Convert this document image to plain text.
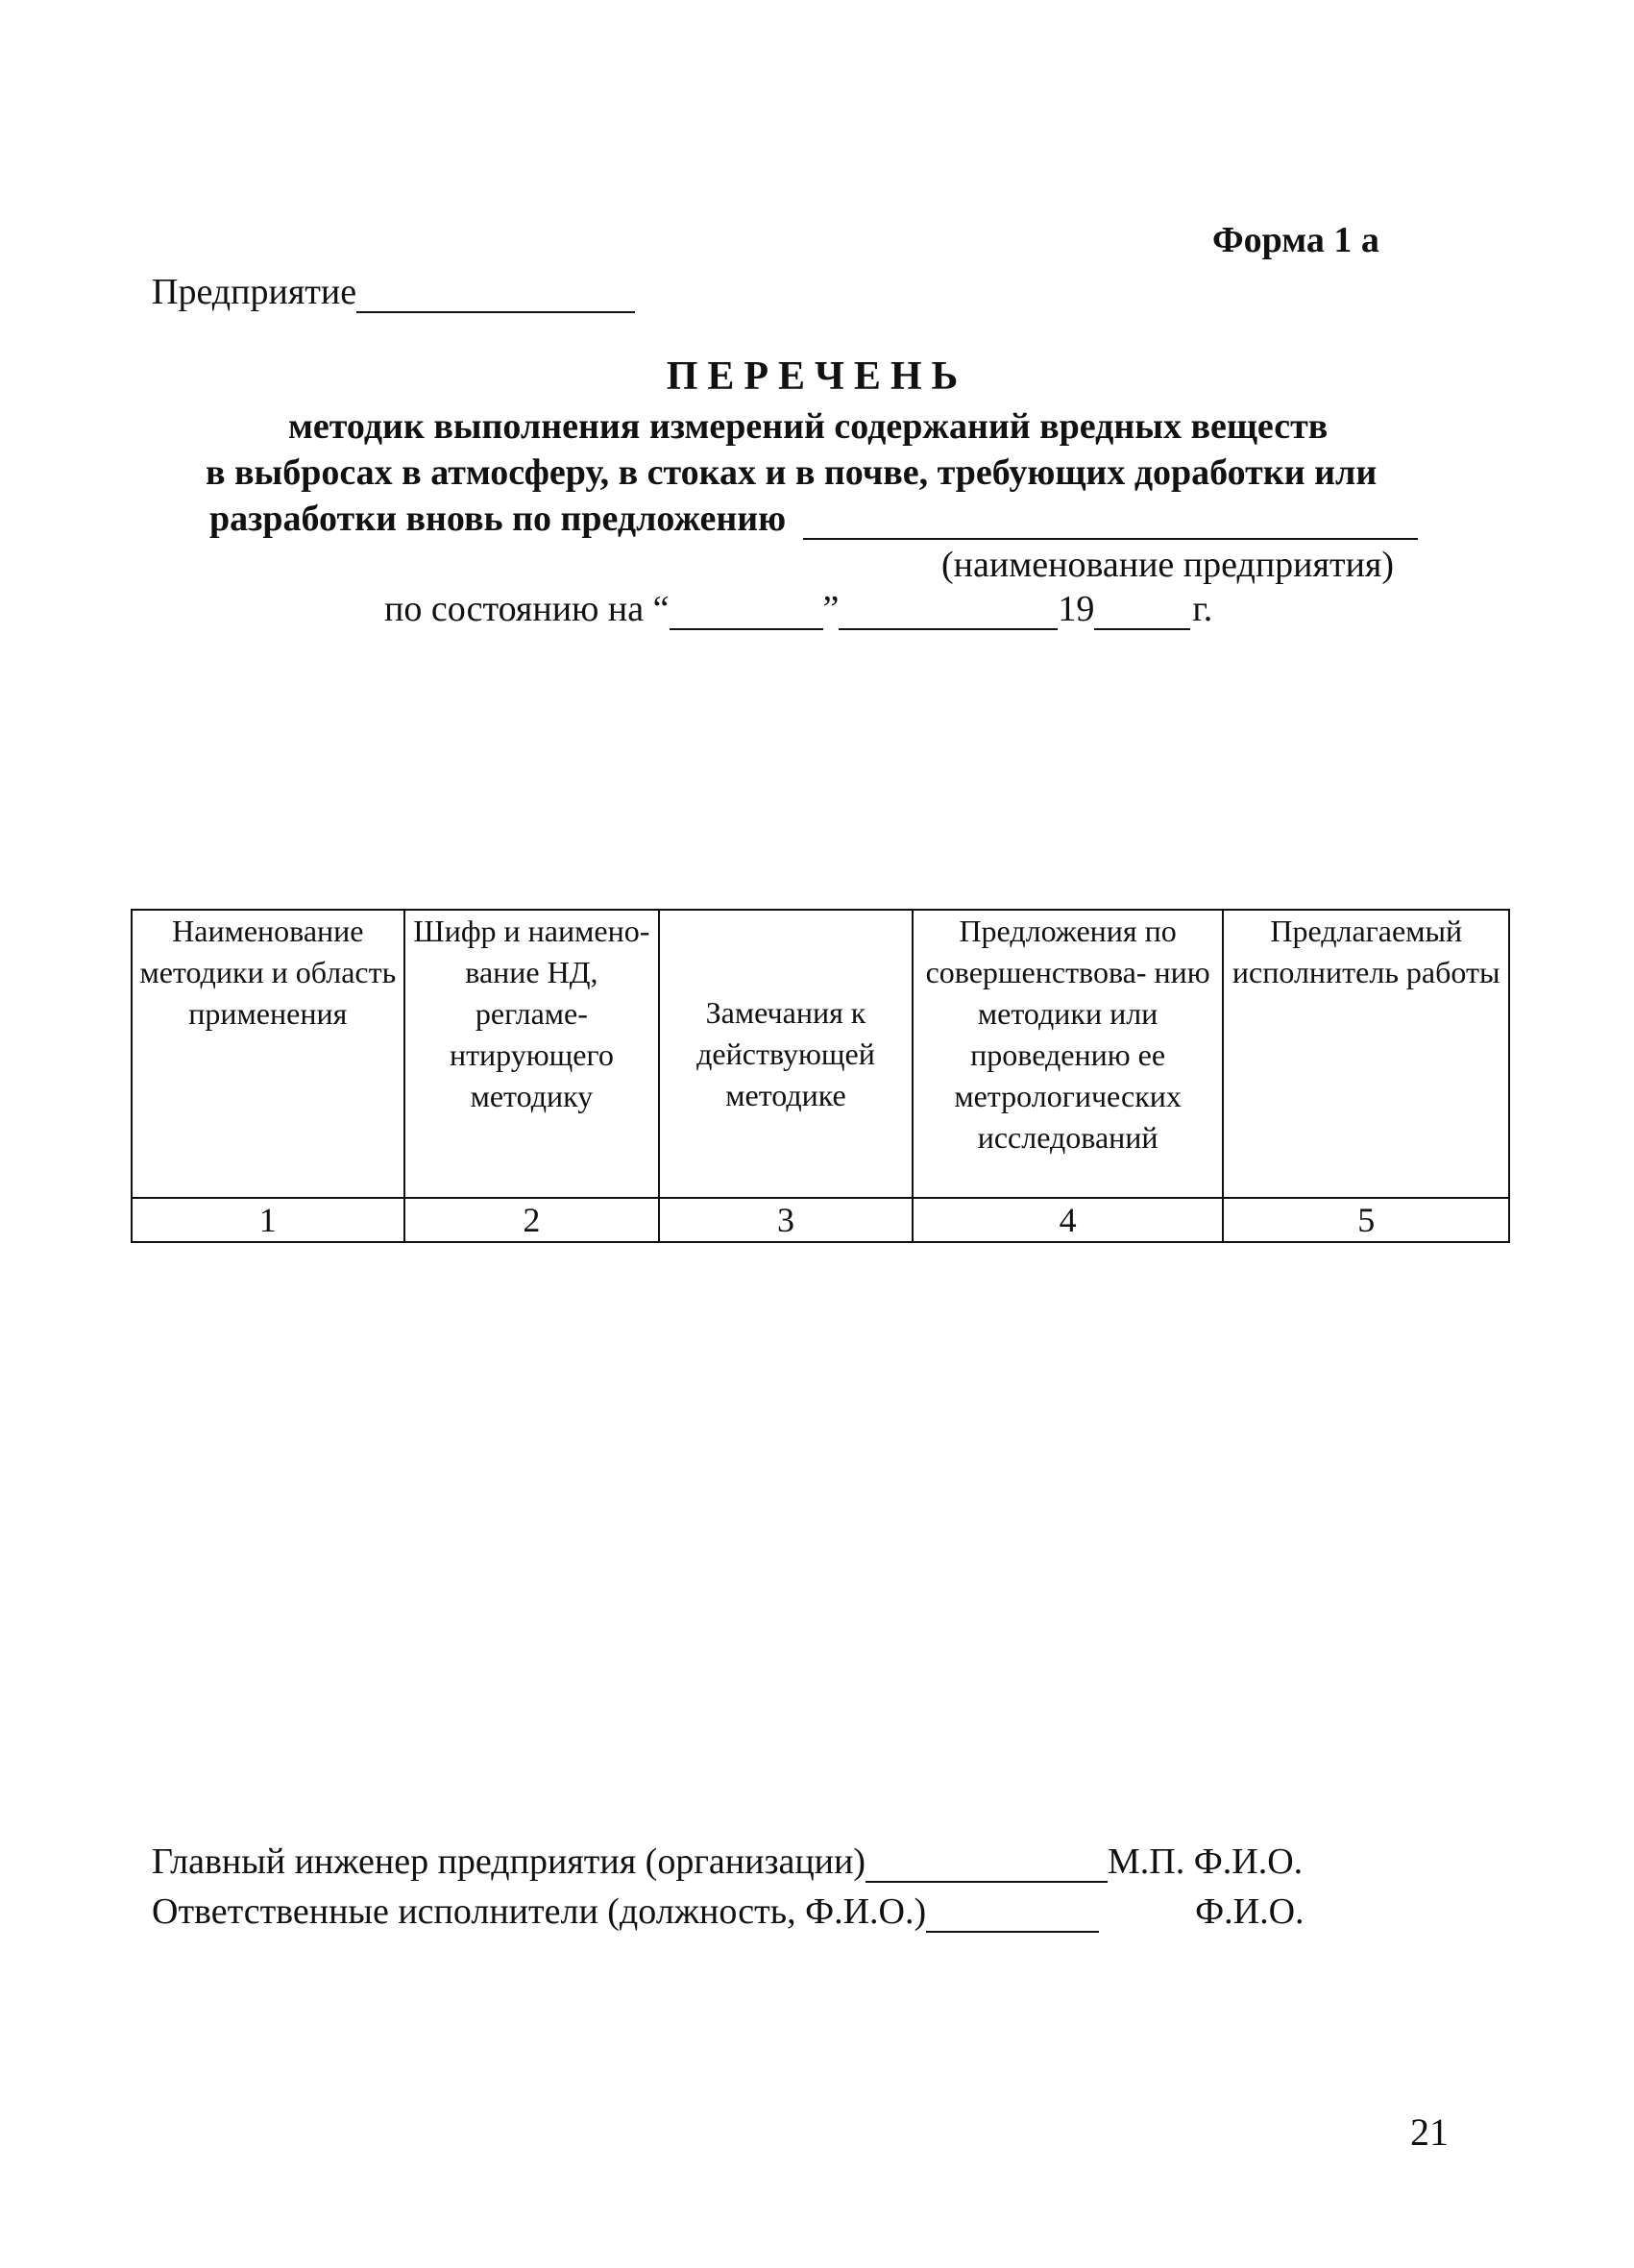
Форма 1 а
Предприятие
ПЕРЕЧЕНЬ
методик выполнения измерений содержаний вредных веществ
в выбросах в атмосферу, в стоках и в почве, требующих доработки или
разработки вновь по предложению
(наименование предприятия)
по состоянию на “	”	19	г.
Наименование методики и область применения	Шифр и наимено- вание НД, регламе- нтирующего методику	Замечания к действующей методике	Предложения по совершенствова- нию методики или проведению ее метрологических исследований	Предлагаемый исполнитель работы
1	2	3	4	5
Главный инженер предприятия (организации)	М.П. Ф.И.О.
Ответственные исполнители (должность, Ф.И.О.)	Ф.И.О.
21
